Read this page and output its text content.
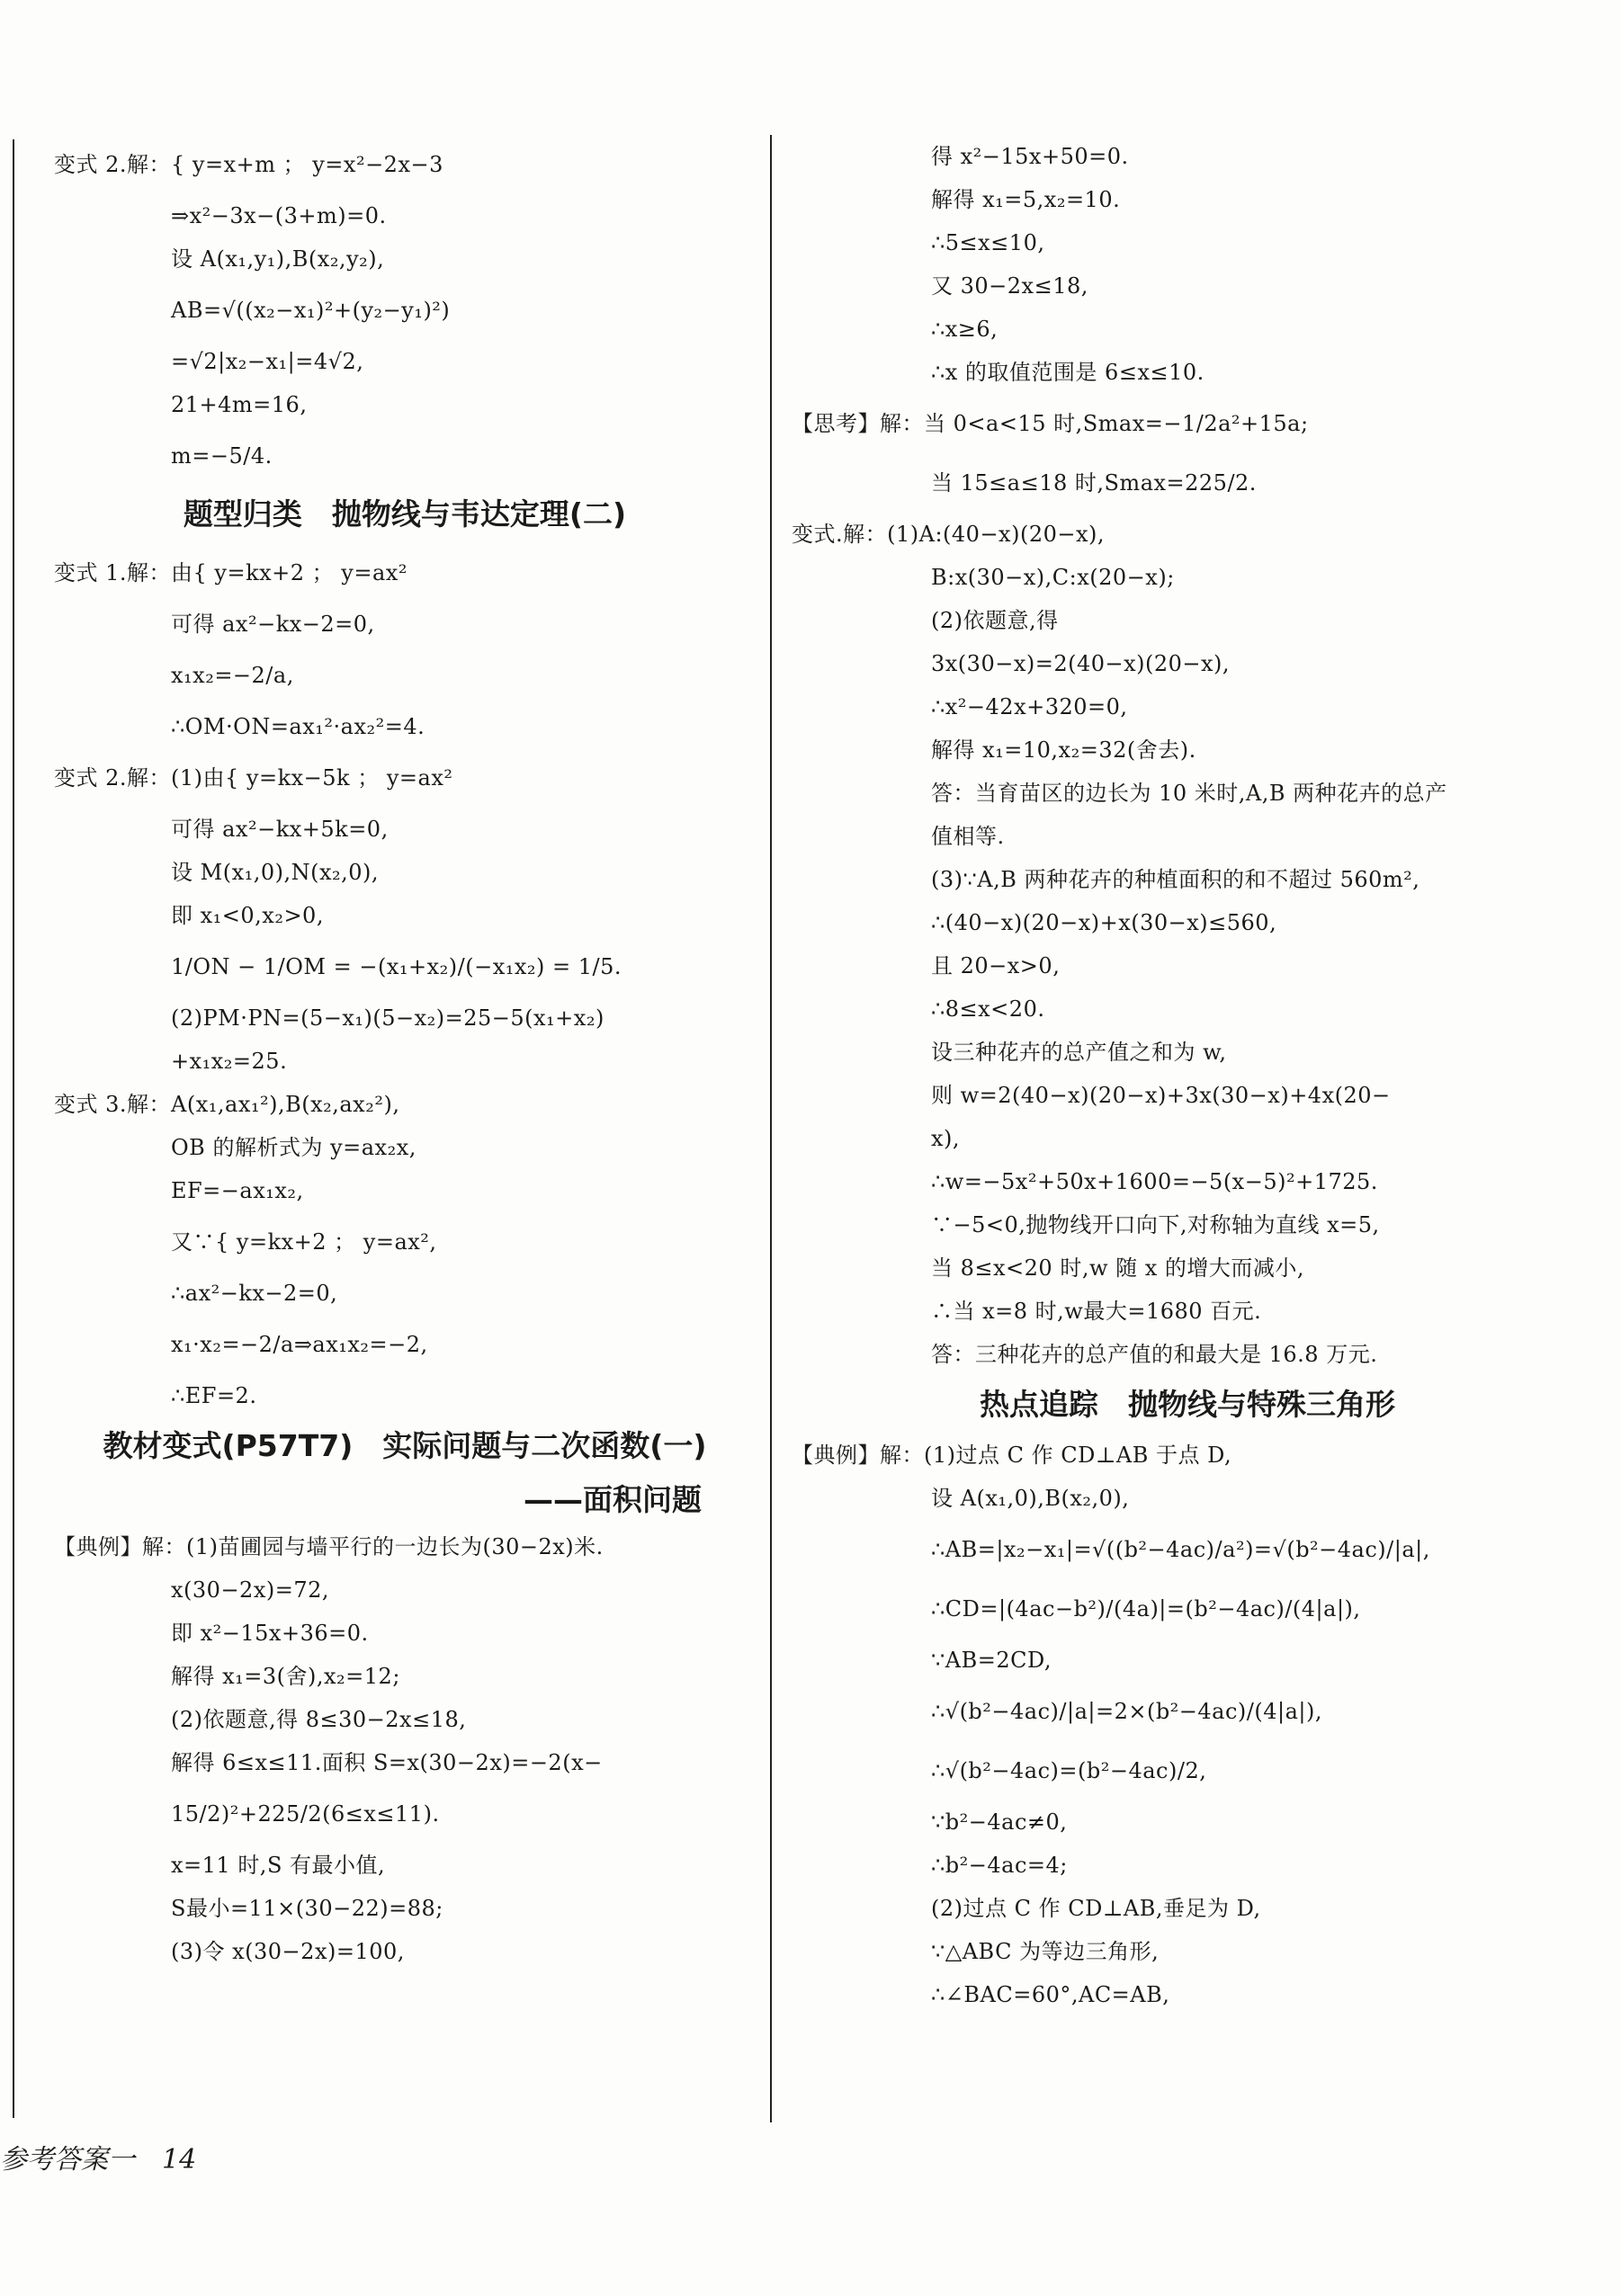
变式 2.解：{ y=x+m ； y=x²−2x−3
⇒x²−3x−(3+m)=0.
设 A(x₁,y₁),B(x₂,y₂),
AB=√((x₂−x₁)²+(y₂−y₁)²)
=√2|x₂−x₁|=4√2,
21+4m=16,
m=−5/4.
题型归类　抛物线与韦达定理(二)
变式 1.解：由{ y=kx+2 ； y=ax²
可得 ax²−kx−2=0,
x₁x₂=−2/a,
∴OM·ON=ax₁²·ax₂²=4.
变式 2.解：(1)由{ y=kx−5k ； y=ax²
可得 ax²−kx+5k=0,
设 M(x₁,0),N(x₂,0),
即 x₁<0,x₂>0,
1/ON − 1/OM = −(x₁+x₂)/(−x₁x₂) = 1/5.
(2)PM·PN=(5−x₁)(5−x₂)=25−5(x₁+x₂)
+x₁x₂=25.
变式 3.解：A(x₁,ax₁²),B(x₂,ax₂²),
OB 的解析式为 y=ax₂x,
EF=−ax₁x₂,
又∵{ y=kx+2 ； y=ax²,
∴ax²−kx−2=0,
x₁·x₂=−2/a⇒ax₁x₂=−2,
∴EF=2.
教材变式(P57T7)　实际问题与二次函数(一)
——面积问题
【典例】解：(1)苗圃园与墙平行的一边长为(30−2x)米.
x(30−2x)=72,
即 x²−15x+36=0.
解得 x₁=3(舍),x₂=12;
(2)依题意,得 8≤30−2x≤18,
解得 6≤x≤11.面积 S=x(30−2x)=−2(x−
15/2)²+225/2(6≤x≤11).
x=11 时,S 有最小值,
S最小=11×(30−22)=88;
(3)令 x(30−2x)=100,
得 x²−15x+50=0.
解得 x₁=5,x₂=10.
∴5≤x≤10,
又 30−2x≤18,
∴x≥6,
∴x 的取值范围是 6≤x≤10.
【思考】解：当 0<a<15 时,Smax=−1/2a²+15a;
当 15≤a≤18 时,Smax=225/2.
变式.解：(1)A:(40−x)(20−x),
B:x(30−x),C:x(20−x);
(2)依题意,得
3x(30−x)=2(40−x)(20−x),
∴x²−42x+320=0,
解得 x₁=10,x₂=32(舍去).
答：当育苗区的边长为 10 米时,A,B 两种花卉的总产
值相等.
(3)∵A,B 两种花卉的种植面积的和不超过 560m²,
∴(40−x)(20−x)+x(30−x)≤560,
且 20−x>0,
∴8≤x<20.
设三种花卉的总产值之和为 w,
则 w=2(40−x)(20−x)+3x(30−x)+4x(20−
x),
∴w=−5x²+50x+1600=−5(x−5)²+1725.
∵−5<0,抛物线开口向下,对称轴为直线 x=5,
当 8≤x<20 时,w 随 x 的增大而减小,
∴当 x=8 时,w最大=1680 百元.
答：三种花卉的总产值的和最大是 16.8 万元.
热点追踪　抛物线与特殊三角形
【典例】解：(1)过点 C 作 CD⊥AB 于点 D,
设 A(x₁,0),B(x₂,0),
∴AB=|x₂−x₁|=√((b²−4ac)/a²)=√(b²−4ac)/|a|,
∴CD=|(4ac−b²)/(4a)|=(b²−4ac)/(4|a|),
∵AB=2CD,
∴√(b²−4ac)/|a|=2×(b²−4ac)/(4|a|),
∴√(b²−4ac)=(b²−4ac)/2,
∵b²−4ac≠0,
∴b²−4ac=4;
(2)过点 C 作 CD⊥AB,垂足为 D,
∵△ABC 为等边三角形,
∴∠BAC=60°,AC=AB,
参考答案一　14
